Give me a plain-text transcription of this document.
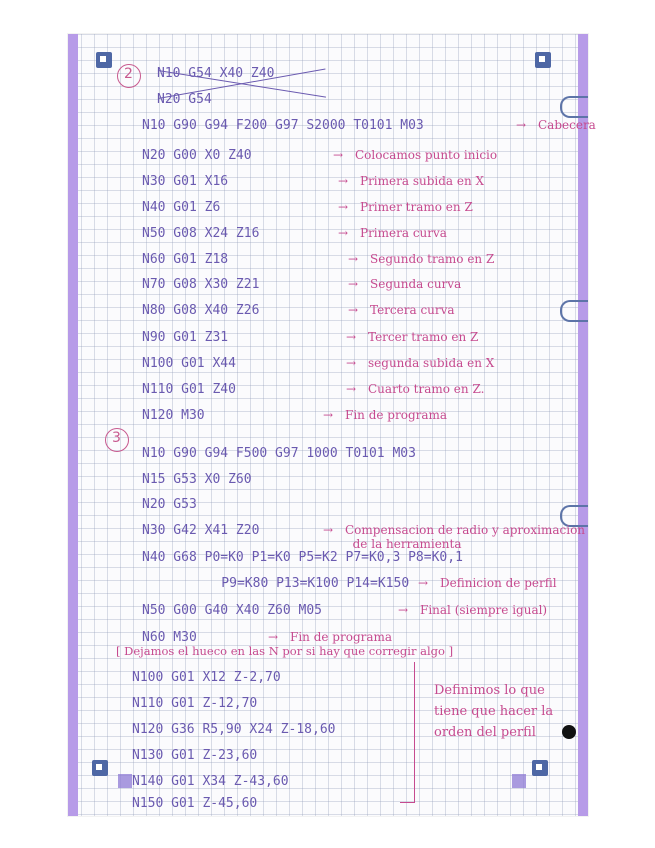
2 N10 G54 X40 Z40
N20 G54
N10 G90 G94 F200 G97 S2000 T0101 M03	→ Cabecera
N20 G00 X0 Z40	→ Colocamos punto inicio
N30 G01 X16	→ Primera subida en X
N40 G01 Z6	→ Primer tramo en Z
N50 G08 X24 Z16	→ Primera curva
N60 G01 Z18	→ Segundo tramo en Z
N70 G08 X30 Z21	→ Segunda curva
N80 G08 X40 Z26	→ Tercera curva
N90 G01 Z31	→ Tercer tramo en Z
N100 G01 X44	→ segunda subida en X
N110 G01 Z40	→ Cuarto tramo en Z.
N120 M30	→ Fin de programa
3
N10 G90 G94 F500 G97 1000 T0101 M03
N15 G53 X0 Z60
N20 G53
N30 G42 X41 Z20	→ Compensacion de radio y aproximacion
de la herramienta
N40 G68 P0=K0 P1=K0 P5=K2 P7=K0,3 P8=K0,1
P9=K80 P13=K100 P14=K150 → Definicion de perfil
N50 G00 G40 X40 Z60 M05	→ Final (siempre igual)
N60 M30	→ Fin de programa
[ Dejamos el hueco en las N por si hay que corregir algo ]
N100 G01 X12 Z-2,70
N110 G01 Z-12,70
N120 G36 R5,90 X24 Z-18,60
N130 G01 Z-23,60
N140 G01 X34 Z-43,60
N150 G01 Z-45,60
Definimos lo que
tiene que hacer la
orden del perfil
